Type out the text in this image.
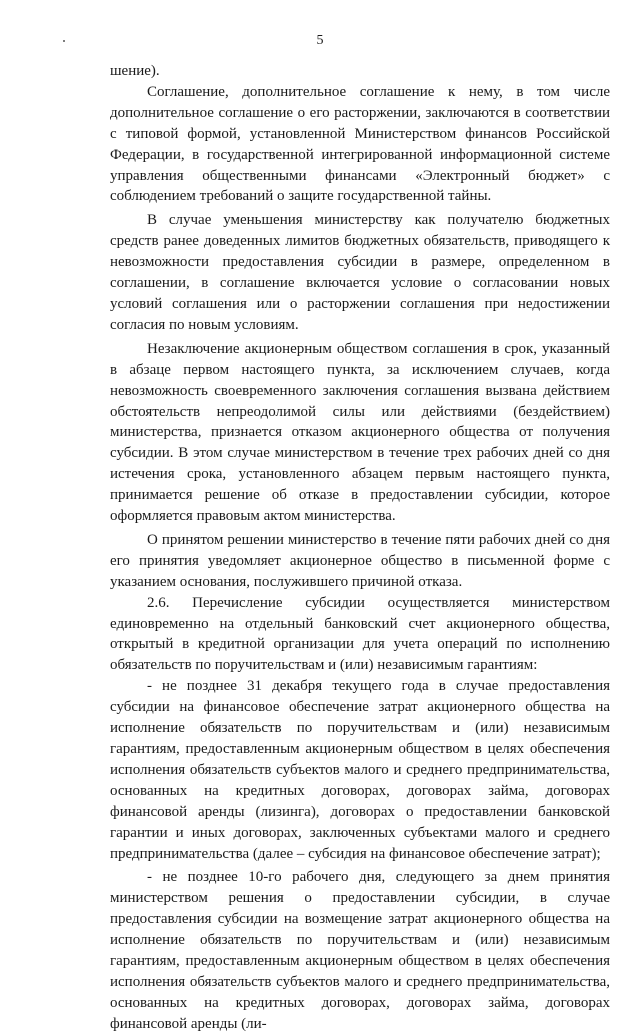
5

шение).

Соглашение, дополнительное соглашение к нему, в том числе дополнительное соглашение о его расторжении, заключаются в соответствии с типовой формой, установленной Министерством финансов Российской Федерации, в государственной интегрированной информационной системе управления общественными финансами «Электронный бюджет» с соблюдением требований о защите государственной тайны.

В случае уменьшения министерству как получателю бюджетных средств ранее доведенных лимитов бюджетных обязательств, приводящего к невозможности предоставления субсидии в размере, определенном в соглашении, в соглашение включается условие о согласовании новых условий соглашения или о расторжении соглашения при недостижении согласия по новым условиям.

Незаключение акционерным обществом соглашения в срок, указанный в абзаце первом настоящего пункта, за исключением случаев, когда невозможность своевременного заключения соглашения вызвана действием обстоятельств непреодолимой силы или действиями (бездействием) министерства, признается отказом акционерного общества от получения субсидии. В этом случае министерством в течение трех рабочих дней со дня истечения срока, установленного абзацем первым настоящего пункта, принимается решение об отказе в предоставлении субсидии, которое оформляется правовым актом министерства.

О принятом решении министерство в течение пяти рабочих дней со дня его принятия уведомляет акционерное общество в письменной форме с указанием основания, послужившего причиной отказа.

2.6. Перечисление субсидии осуществляется министерством единовременно на отдельный банковский счет акционерного общества, открытый в кредитной организации для учета операций по исполнению обязательств по поручительствам и (или) независимым гарантиям:

- не позднее 31 декабря текущего года в случае предоставления субсидии на финансовое обеспечение затрат акционерного общества на исполнение обязательств по поручительствам и (или) независимым гарантиям, предоставленным акционерным обществом в целях обеспечения исполнения обязательств субъектов малого и среднего предпринимательства, основанных на кредитных договорах, договорах займа, договорах финансовой аренды (лизинга), договорах о предоставлении банковской гарантии и иных договорах, заключенных субъектами малого и среднего предпринимательства (далее – субсидия на финансовое обеспечение затрат);

- не позднее 10-го рабочего дня, следующего за днем принятия министерством решения о предоставлении субсидии, в случае предоставления субсидии на возмещение затрат акционерного общества на исполнение обязательств по поручительствам и (или) независимым гарантиям, предоставленным акционерным обществом в целях обеспечения исполнения обязательств субъектов малого и среднего предпринимательства, основанных на кредитных договорах, договорах займа, договорах финансовой аренды (ли-
